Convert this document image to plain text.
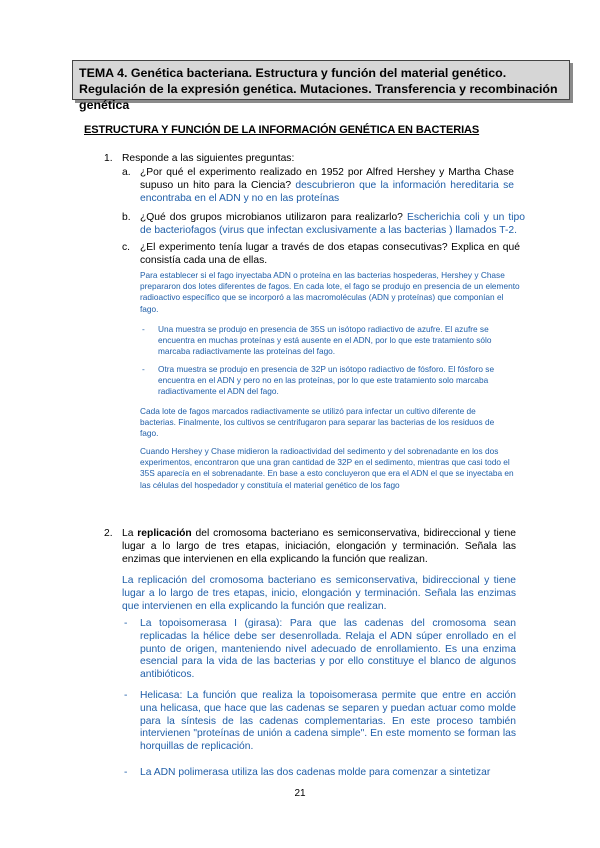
TEMA 4. Genética bacteriana. Estructura y función del material genético. Regulación de la expresión genética. Mutaciones. Transferencia y recombinación genética
ESTRUCTURA Y FUNCIÓN DE LA INFORMACIÓN GENÉTICA EN BACTERIAS
1. Responde a las siguientes preguntas:
a. ¿Por qué el experimento realizado en 1952 por Alfred Hershey y Martha Chase supuso un hito para la Ciencia? descubrieron que la información hereditaria se encontraba en el ADN y no en las proteínas
b. ¿Qué dos grupos microbianos utilizaron para realizarlo? Escherichia coli y un tipo de bacteriofagos (virus que infectan exclusivamente a las bacterias ) llamados T-2.
c. ¿El experimento tenía lugar a través de dos etapas consecutivas? Explica en qué consistía cada una de ellas.
Para establecer si el fago inyectaba ADN o proteína en las bacterias hospederas, Hershey y Chase prepararon dos lotes diferentes de fagos. En cada lote, el fago se produjo en presencia de un elemento radioactivo específico que se incorporó a las macromoléculas (ADN y proteínas) que componían el fago.
- Una muestra se produjo en presencia de 35S un isótopo radiactivo de azufre. El azufre se encuentra en muchas proteínas y está ausente en el ADN, por lo que este tratamiento sólo marcaba radiactivamente las proteínas del fago.
- Otra muestra se produjo en presencia de 32P un isótopo radiactivo de fósforo. El fósforo se encuentra en el ADN y pero no en las proteínas, por lo que este tratamiento solo marcaba radiactivamente el ADN del fago.
Cada lote de fagos marcados radiactivamente se utilizó para infectar un cultivo diferente de bacterias. Finalmente, los cultivos se centrifugaron para separar las bacterias de los residuos de fago.
Cuando Hershey y Chase midieron la radioactividad del sedimento y del sobrenadante en los dos experimentos, encontraron que una gran cantidad de 32P en el sedimento, mientras que casi todo el 35S aparecía en el sobrenadante. En base a esto concluyeron que era el ADN el que se inyectaba en las células del hospedador y constituía el material genético de los fago
2. La replicación del cromosoma bacteriano es semiconservativa, bidireccional y tiene lugar a lo largo de tres etapas, iniciación, elongación y terminación. Señala las enzimas que intervienen en ella explicando la función que realizan.
La replicación del cromosoma bacteriano es semiconservativa, bidireccional y tiene lugar a lo largo de tres etapas, inicio, elongación y terminación. Señala las enzimas que intervienen en ella explicando la función que realizan.
- La topoisomerasa I (girasa): Para que las cadenas del cromosoma sean replicadas la hélice debe ser desenrollada. Relaja el ADN súper enrollado en el punto de origen, manteniendo nivel adecuado de enrollamiento. Es una enzima esencial para la vida de las bacterias y por ello constituye el blanco de algunos antibióticos.
- Helicasa: La función que realiza la topoisomerasa permite que entre en acción una helicasa, que hace que las cadenas se separen y puedan actuar como molde para la síntesis de las cadenas complementarias. En este proceso también intervienen "proteínas de unión a cadena simple". En este momento se forman las horquillas de replicación.
- La ADN polimerasa utiliza las dos cadenas molde para comenzar a sintetizar
21
